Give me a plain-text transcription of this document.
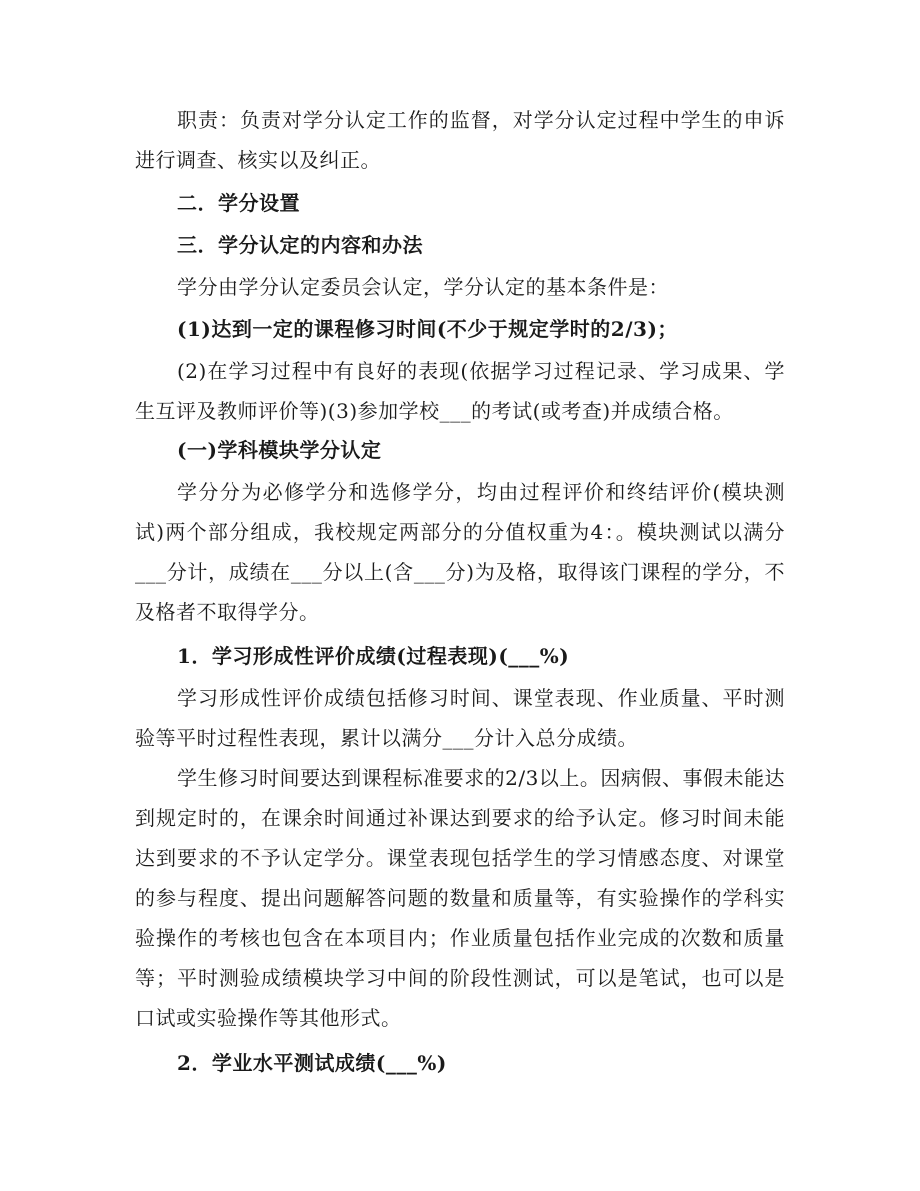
职责：负责对学分认定工作的监督，对学分认定过程中学生的申诉进行调查、核实以及纠正。

二．学分设置

三．学分认定的内容和办法

学分由学分认定委员会认定，学分认定的基本条件是：

(1)达到一定的课程修习时间(不少于规定学时的2/3)；

(2)在学习过程中有良好的表现(依据学习过程记录、学习成果、学生互评及教师评价等)(3)参加学校___的考试(或考查)并成绩合格。

(一)学科模块学分认定

学分分为必修学分和选修学分，均由过程评价和终结评价(模块测试)两个部分组成，我校规定两部分的分值权重为4：。模块测试以满分___分计，成绩在___分以上(含___分)为及格，取得该门课程的学分，不及格者不取得学分。

1．学习形成性评价成绩(过程表现)(___%)

学习形成性评价成绩包括修习时间、课堂表现、作业质量、平时测验等平时过程性表现，累计以满分___分计入总分成绩。

学生修习时间要达到课程标准要求的2/3以上。因病假、事假未能达到规定时的，在课余时间通过补课达到要求的给予认定。修习时间未能达到要求的不予认定学分。课堂表现包括学生的学习情感态度、对课堂的参与程度、提出问题解答问题的数量和质量等，有实验操作的学科实验操作的考核也包含在本项目内；作业质量包括作业完成的次数和质量等；平时测验成绩模块学习中间的阶段性测试，可以是笔试，也可以是口试或实验操作等其他形式。

2．学业水平测试成绩(___%)
